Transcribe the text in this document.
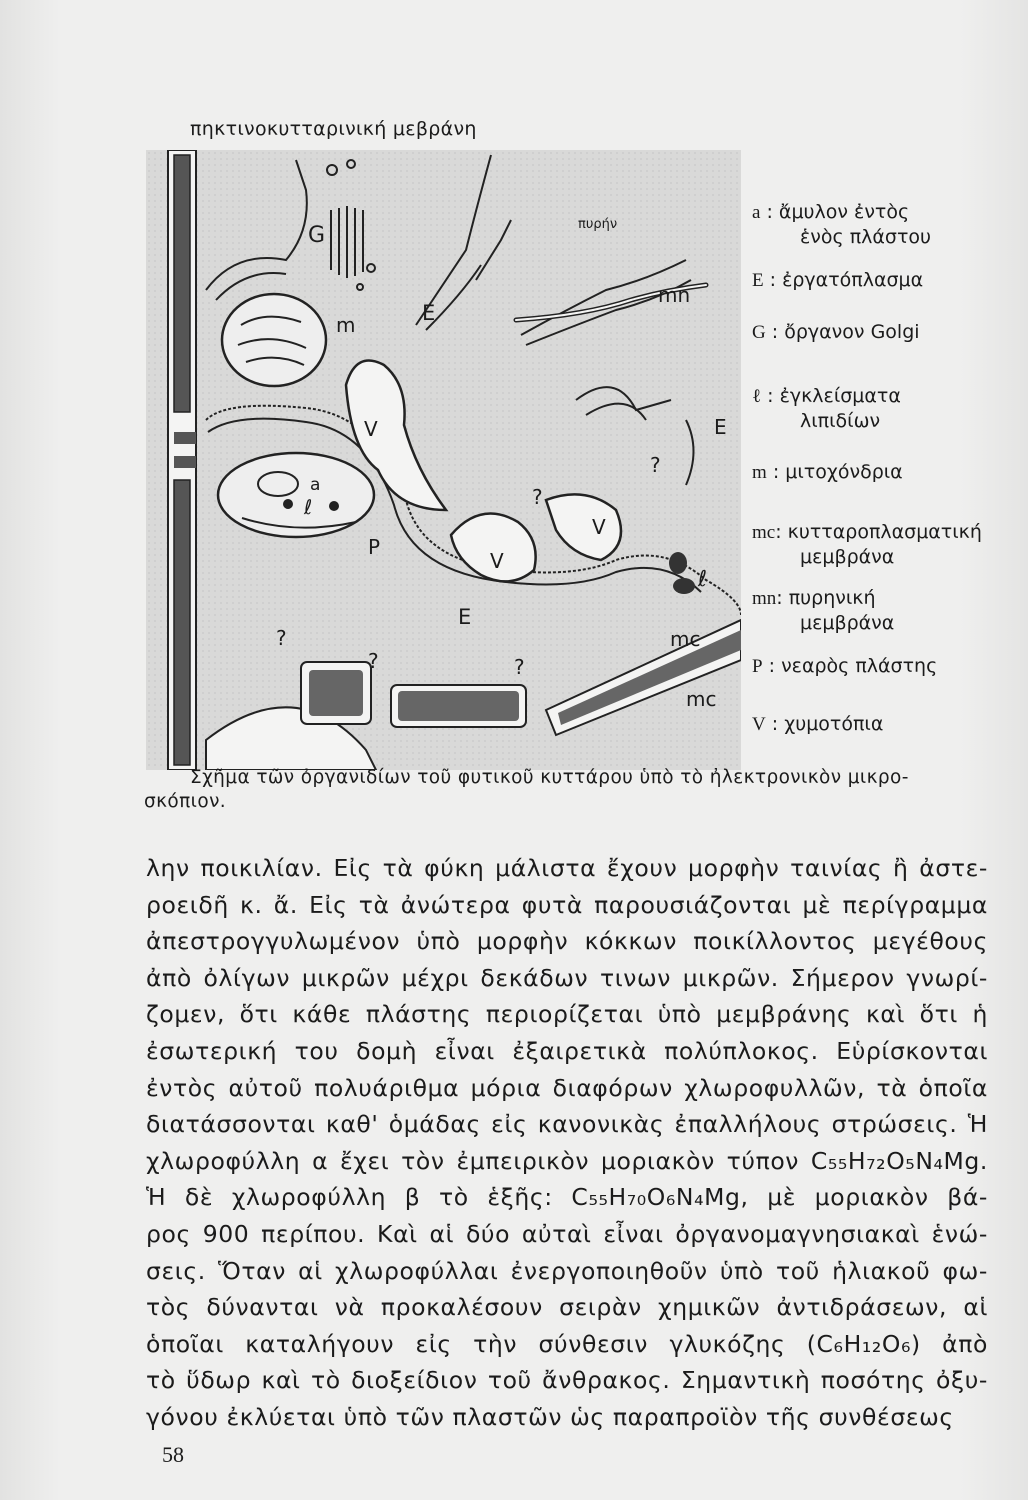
πηκτινοκυτταρινική μεβράνη
G
m	E
πυρήν
mn
V	E
?
?
V
V
a
ℓ
P
E
ℓ
mc
?
?	?
mc
a : ἄμυλον ἐντὸς
ἑνὸς πλάστου
E : ἐργατόπλασμα
G : ὄργανον Golgi
ℓ : ἐγκλείσματα
λιπιδίων
m : μιτοχόνδρια
mc: κυτταροπλασματική
μεμβράνα
mn: πυρηνική
μεμβράνα
P : νεαρὸς πλάστης
V : χυμοτόπια
Σχῆμα τῶν ὀργανιδίων τοῦ φυτικοῦ κυττάρου ὑπὸ τὸ ἠλεκτρονικὸν μικρο-
σκόπιον.
λην ποικιλίαν. Εἰς τὰ φύκη μάλιστα ἔχουν μορφὴν ταινίας ἢ ἀστε-
ροειδῆ κ. ἄ. Εἰς τὰ ἀνώτερα φυτὰ παρουσιάζονται μὲ περίγραμμα
ἀπεστρογγυλωμένον ὑπὸ μορφὴν κόκκων ποικίλλοντος μεγέθους
ἀπὸ ὀλίγων μικρῶν μέχρι δεκάδων τινων μικρῶν. Σήμερον γνωρί-
ζομεν, ὅτι κάθε πλάστης περιορίζεται ὑπὸ μεμβράνης καὶ ὅτι ἡ
ἐσωτερική του δομὴ εἶναι ἐξαιρετικὰ πολύπλοκος. Εὑρίσκονται
ἐντὸς αὐτοῦ πολυάριθμα μόρια διαφόρων χλωροφυλλῶν, τὰ ὁποῖα
διατάσσονται καθ' ὁμάδας εἰς κανονικὰς ἐπαλλήλους στρώσεις. Ἡ
χλωροφύλλη α ἔχει τὸν ἐμπειρικὸν μοριακὸν τύπον C₅₅H₇₂O₅N₄Mg.
Ἡ δὲ χλωροφύλλη β τὸ ἑξῆς: C₅₅H₇₀O₆N₄Mg, μὲ μοριακὸν βά-
ρος 900 περίπου. Καὶ αἱ δύο αὐταὶ εἶναι ὀργανομαγνησιακαὶ ἑνώ-
σεις. Ὅταν αἱ χλωροφύλλαι ἐνεργοποιηθοῦν ὑπὸ τοῦ ἡλιακοῦ φω-
τὸς δύνανται νὰ προκαλέσουν σειρὰν χημικῶν ἀντιδράσεων, αἱ
ὁποῖαι καταλήγουν εἰς τὴν σύνθεσιν γλυκόζης (C₆H₁₂O₆) ἀπὸ
τὸ ὕδωρ καὶ τὸ διοξείδιον τοῦ ἄνθρακος. Σημαντικὴ ποσότης ὀξυ-
γόνου ἐκλύεται ὑπὸ τῶν πλαστῶν ὡς παραπροϊὸν τῆς συνθέσεως
58
